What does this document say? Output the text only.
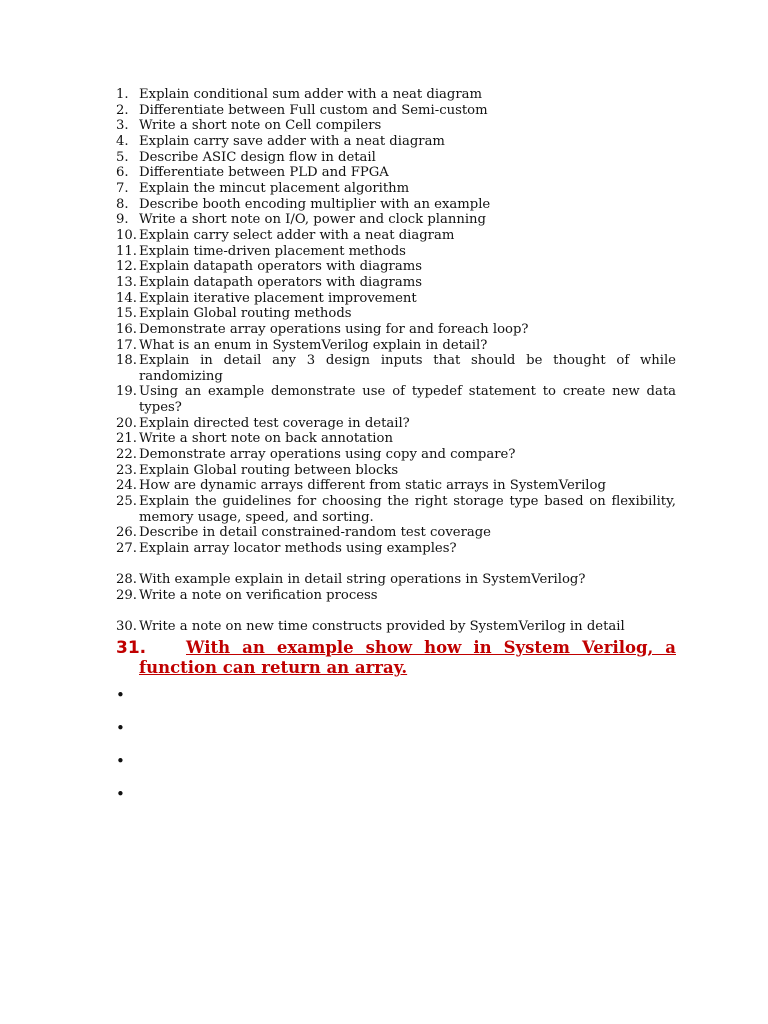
1. Explain conditional sum adder with a neat diagram
2. Differentiate between Full custom and Semi-custom
3. Write a short note on Cell compilers
4. Explain carry save adder with a neat diagram
5. Describe ASIC design flow in detail
6. Differentiate between PLD and FPGA
7. Explain the mincut placement algorithm
8. Describe booth encoding multiplier with an example
9. Write a short note on I/O, power and clock planning
10. Explain carry select adder with a neat diagram
11. Explain time-driven placement methods
12. Explain datapath operators with diagrams
13. Explain datapath operators with diagrams
14. Explain iterative placement improvement
15. Explain Global routing methods
16. Demonstrate array operations using for and foreach loop?
17. What is an enum in SystemVerilog explain in detail?
18. Explain in detail any 3 design inputs that should be thought of while randomizing
19. Using an example demonstrate use of typedef statement to create new data types?
20. Explain directed test coverage in detail?
21. Write a short note on back annotation
22. Demonstrate array operations using copy and compare?
23. Explain Global routing between blocks
24. How are dynamic arrays different from static arrays in SystemVerilog
25. Explain the guidelines for choosing the right storage type based on flexibility, memory usage, speed, and sorting.
26. Describe in detail constrained-random test coverage
27. Explain array locator methods using examples?
28. With example explain in detail string operations in SystemVerilog?
29. Write a note on verification process
30. Write a note on new time constructs provided by SystemVerilog in detail
31.	With an example show how in System Verilog, a function can return an array.
•
•
•
•
